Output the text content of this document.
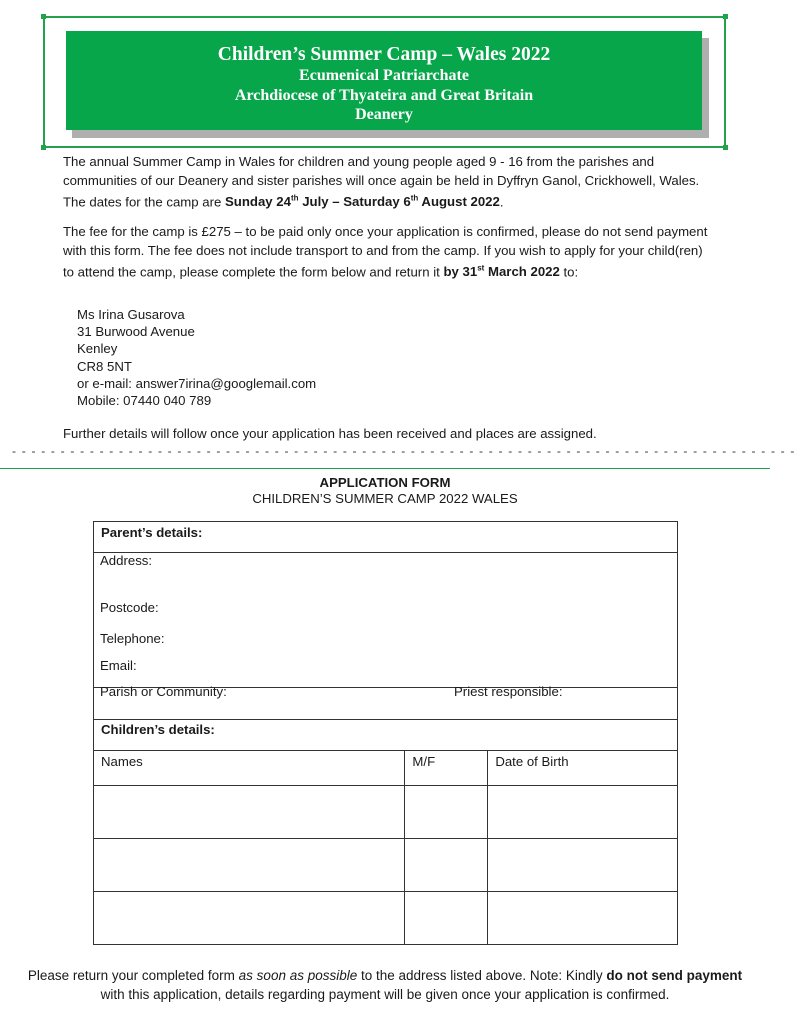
Children’s Summer Camp – Wales 2022
Ecumenical Patriarchate
Archdiocese of Thyateira and Great Britain
Deanery
The annual Summer Camp in Wales for children and young people aged 9 - 16 from the parishes and communities of our Deanery and sister parishes will once again be held in Dyffryn Ganol, Crickhowell, Wales. The dates for the camp are Sunday 24th July – Saturday 6th August 2022.
The fee for the camp is £275 – to be paid only once your application is confirmed, please do not send payment with this form. The fee does not include transport to and from the camp. If you wish to apply for your child(ren) to attend the camp, please complete the form below and return it by 31st March 2022 to:
Ms Irina Gusarova
31 Burwood Avenue
Kenley
CR8 5NT
or e-mail: answer7irina@googlemail.com
Mobile: 07440 040 789
Further details will follow once your application has been received and places are assigned.
- - - - - - - - - - - - - - - - - - - - - - - - - - - - - - - - - - - - - - - - - - - - - - - - - - - - - - - - - - - - - - - - - - - - - - - - - - - - - - - - -
APPLICATION FORM
CHILDREN’S SUMMER CAMP 2022 WALES
Parent’s details:		

Children’s details:		
Names	M/F	Date of Birth

Address:
Postcode:
Telephone:
Email:
Parish or Community:	Priest responsible:
Please return your completed form as soon as possible to the address listed above. Note: Kindly do not send payment with this application, details regarding payment will be given once your application is confirmed.
